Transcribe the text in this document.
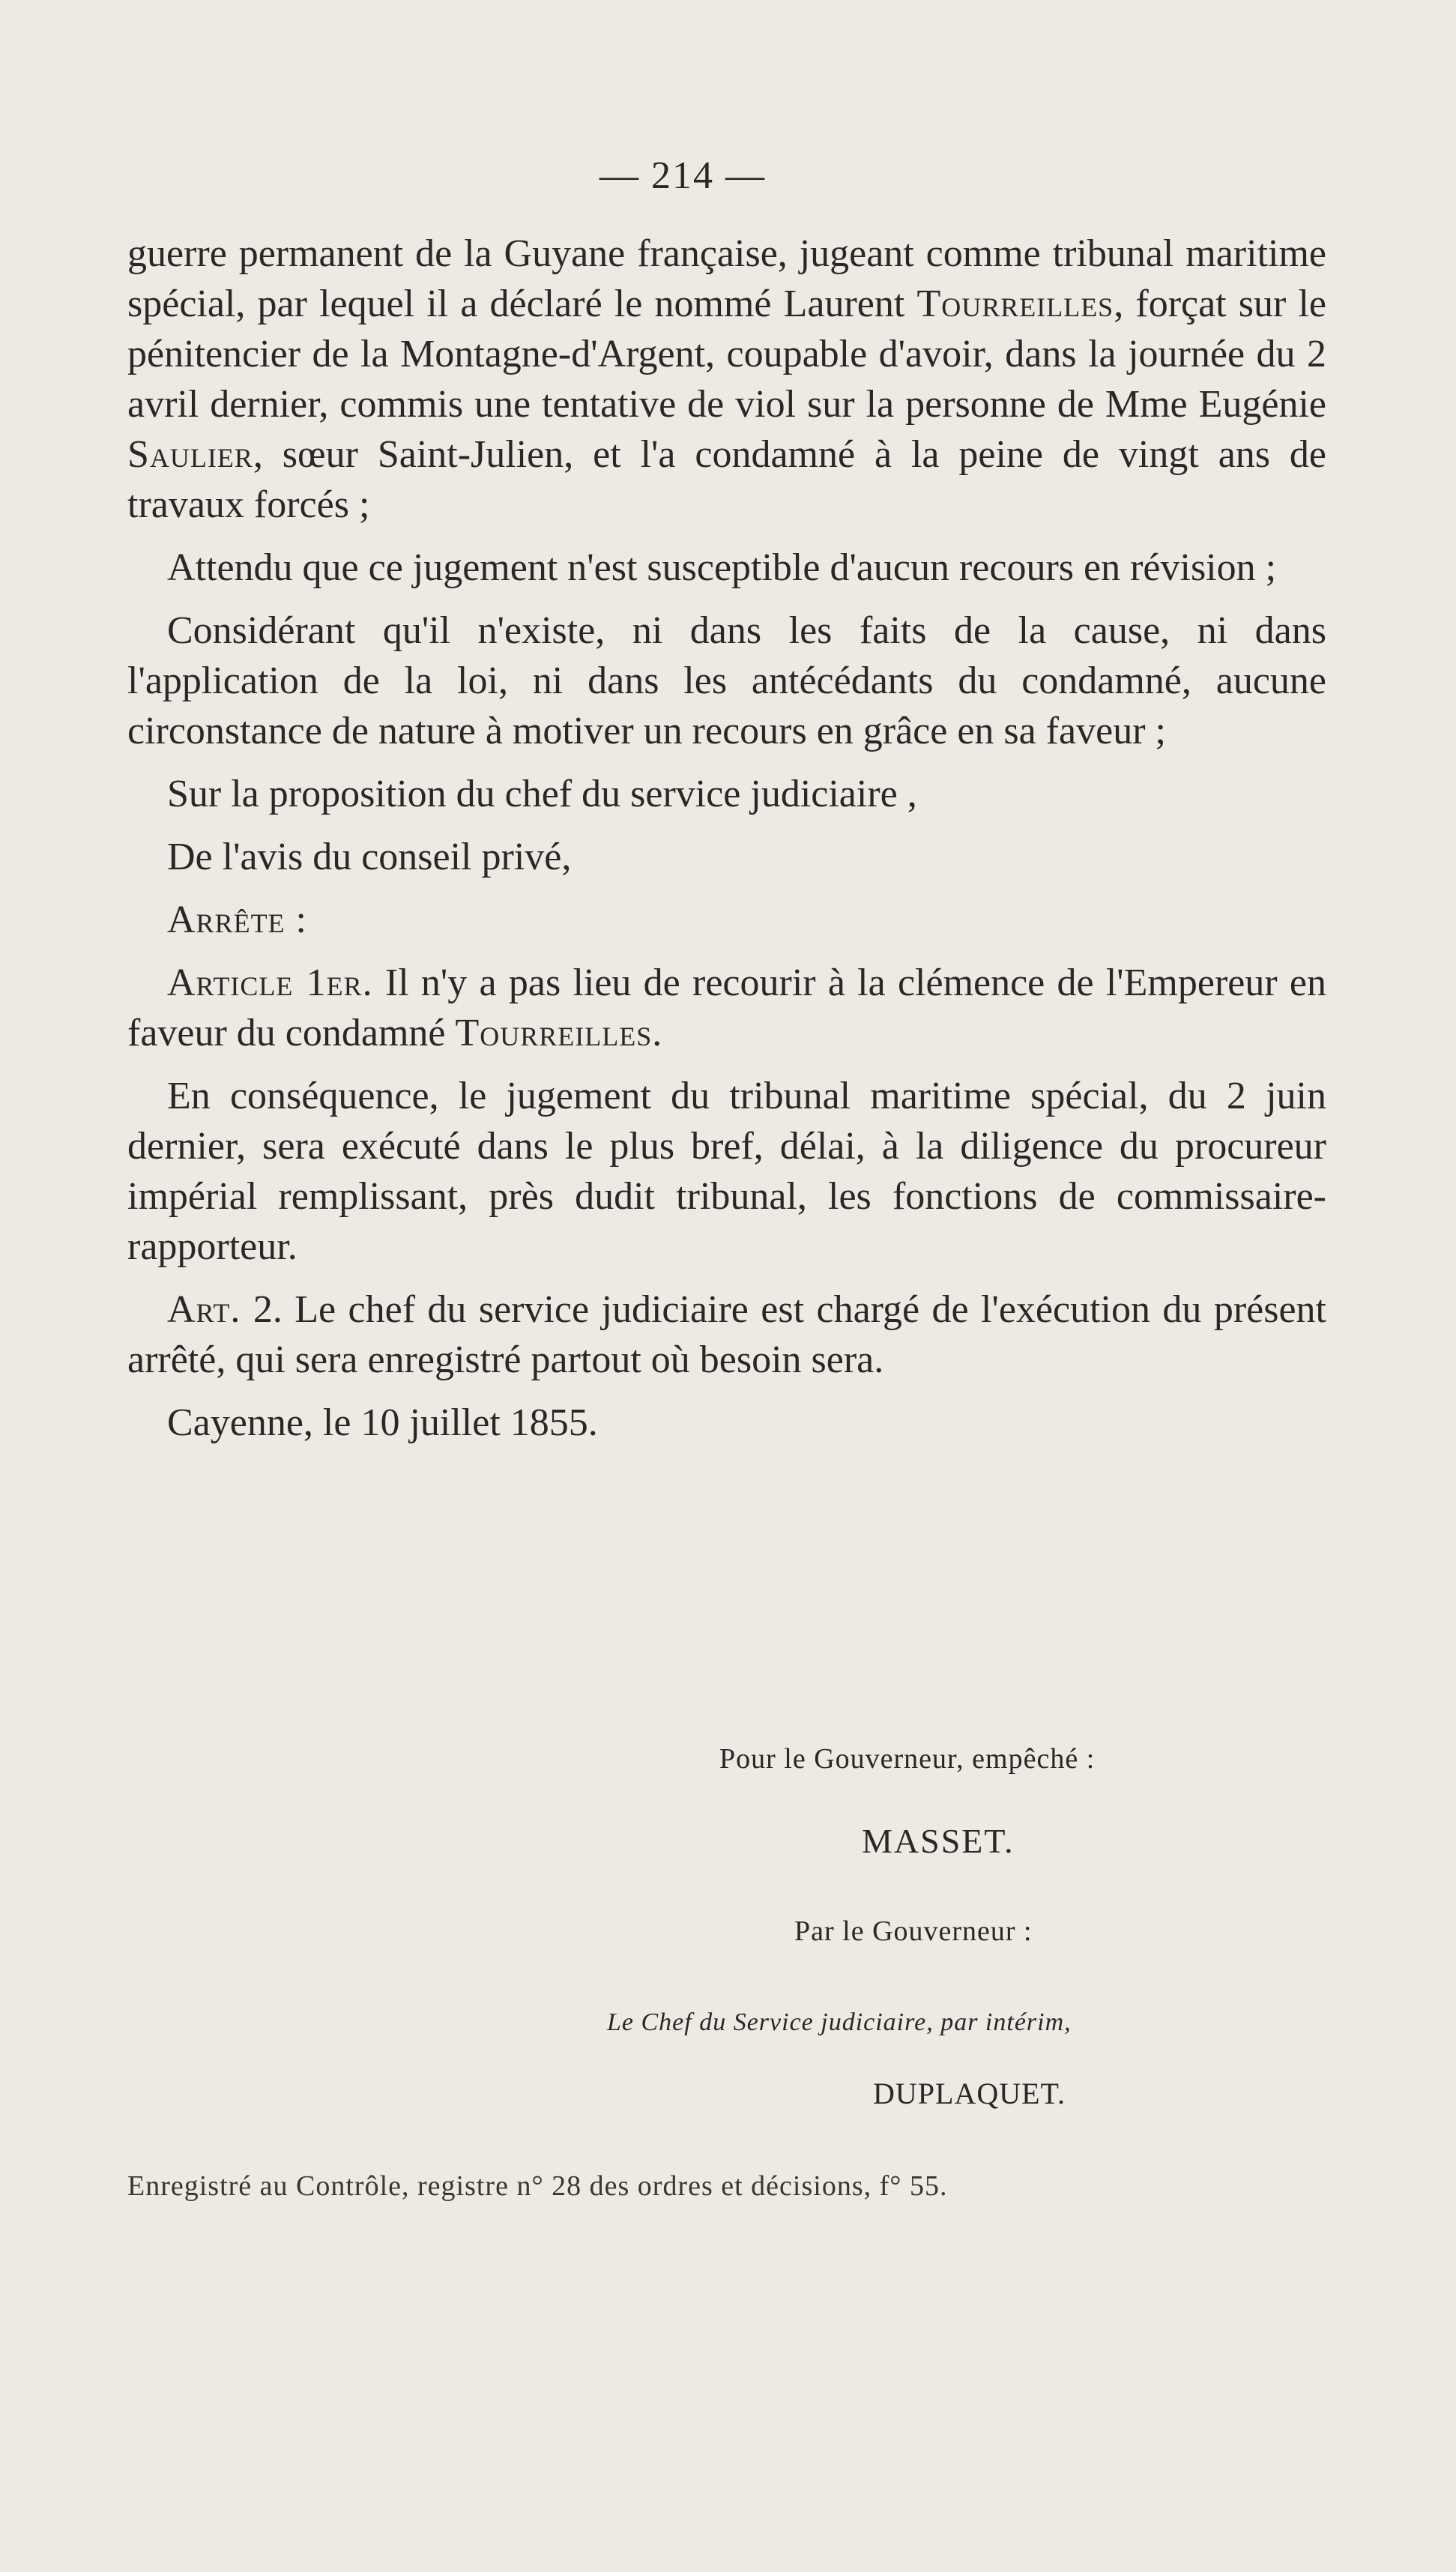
— 214 —

guerre permanent de la Guyane française, jugeant comme tribunal maritime spécial, par lequel il a déclaré le nommé Laurent Tourreilles, forçat sur le pénitencier de la Montagne-d'Argent, coupable d'avoir, dans la journée du 2 avril dernier, commis une tentative de viol sur la personne de Mme Eugénie Saulier, sœur Saint-Julien, et l'a condamné à la peine de vingt ans de travaux forcés ;

Attendu que ce jugement n'est susceptible d'aucun recours en révision ;

Considérant qu'il n'existe, ni dans les faits de la cause, ni dans l'application de la loi, ni dans les antécédants du condamné, aucune circonstance de nature à motiver un recours en grâce en sa faveur ;

Sur la proposition du chef du service judiciaire ,

De l'avis du conseil privé,

Arrête :

Article 1er. Il n'y a pas lieu de recourir à la clémence de l'Empereur en faveur du condamné Tourreilles.

En conséquence, le jugement du tribunal maritime spécial, du 2 juin dernier, sera exécuté dans le plus bref, délai, à la diligence du procureur impérial remplissant, près dudit tribunal, les fonctions de commissaire-rapporteur.

Art. 2. Le chef du service judiciaire est chargé de l'exécution du présent arrêté, qui sera enregistré partout où besoin sera.

Cayenne, le 10 juillet 1855.

Pour le Gouverneur, empêché :
MASSET.
Par le Gouverneur :
Le Chef du Service judiciaire, par intérim,
DUPLAQUET.
Enregistré au Contrôle, registre n° 28 des ordres et décisions, f° 55.
